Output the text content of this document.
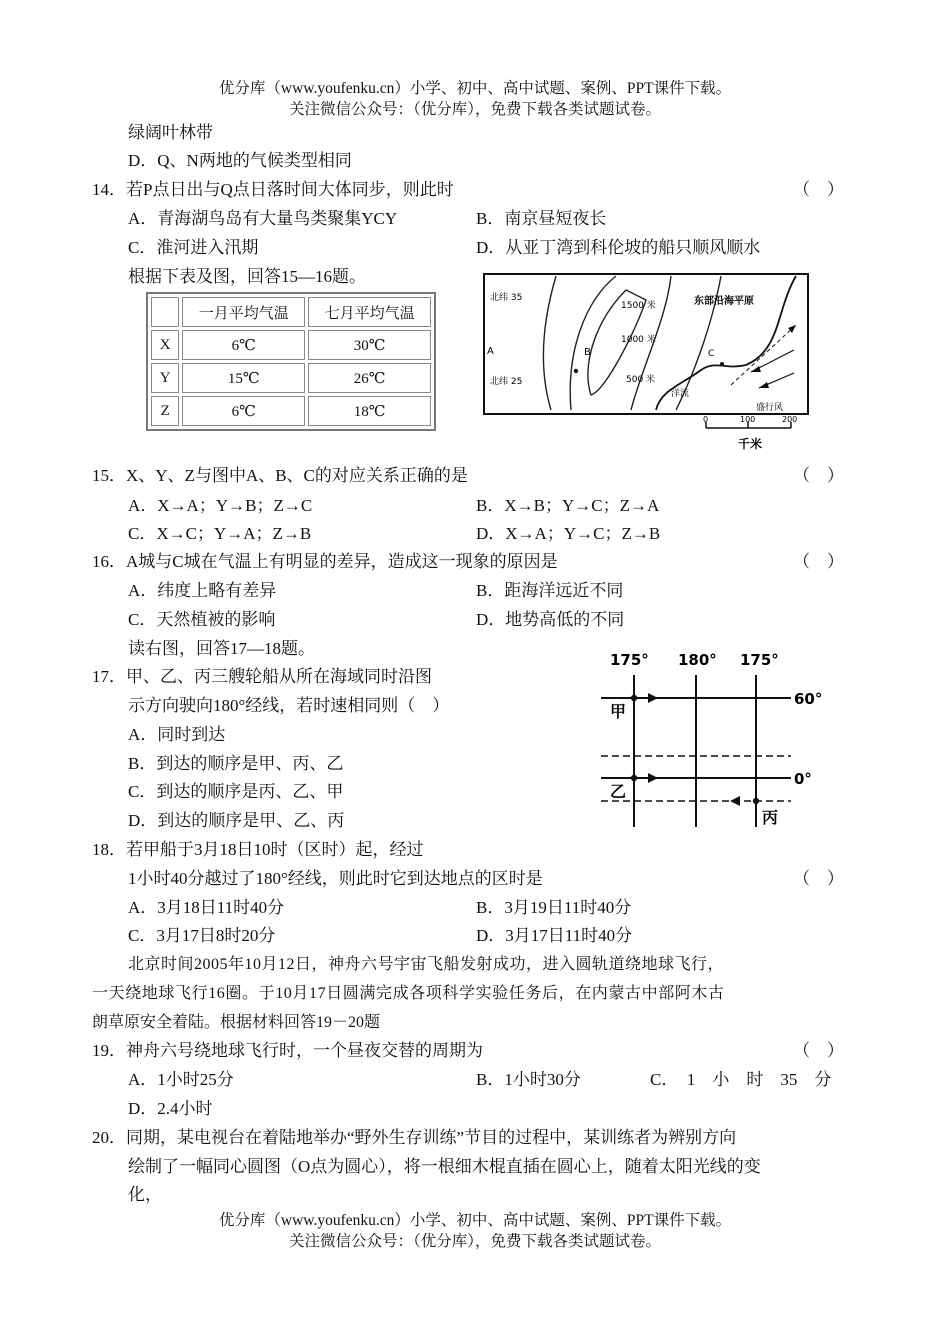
优分库（www.youfenku.cn）小学、初中、高中试题、案例、PPT课件下载。
关注微信公众号：（优分库），免费下载各类试题试卷。
绿阔叶林带
D．Q、N两地的气候类型相同
14．若P点日出与Q点日落时间大体同步，则此时	（　）
A．青海湖鸟岛有大量鸟类聚集YCY	B．南京昼短夜长
C．淮河进入汛期	D．从亚丁湾到科伦坡的船只顺风顺水
根据下表及图，回答15—16题。
	一月平均气温	七月平均气温
X	6℃	30℃
Y	15℃	26℃
Z	6℃	18℃
北纬 35
北纬 25
A	B	C
1500 米
1000 米
500 米
东部沿海平原
洋流
盛行风
0	100	200
千米
15．X、Y、Z与图中A、B、C的对应关系正确的是	（　）
A．X→A；Y→B；Z→C	B．X→B；Y→C；Z→A
C．X→C；Y→A；Z→B	D．X→A；Y→C；Z→B
16．A城与C城在气温上有明显的差异，造成这一现象的原因是	（　）
A．纬度上略有差异	B．距海洋远近不同
C．天然植被的影响	D．地势高低的不同
读右图，回答17—18题。
175° 180° 175°
60°
0°
甲
乙
丙
17．甲、乙、丙三艘轮船从所在海域同时沿图
示方向驶向180°经线，若时速相同则（　）
A．同时到达
B．到达的顺序是甲、丙、乙
C．到达的顺序是丙、乙、甲
D．到达的顺序是甲、乙、丙
18．若甲船于3月18日10时（区时）起，经过
1小时40分越过了180°经线，则此时它到达地点的区时是	（　）
A．3月18日11时40分	B．3月19日11时40分
C．3月17日8时20分	D．3月17日11时40分
北京时间2005年10月12日，神舟六号宇宙飞船发射成功，进入圆轨道绕地球飞行，
一天绕地球飞行16圈。于10月17日圆满完成各项科学实验任务后，在内蒙古中部阿木古
朗草原安全着陆。根据材料回答19－20题
19．神舟六号绕地球飞行时，一个昼夜交替的周期为	（　）
A．1小时25分	B．1小时30分	C．　1　小　时　35　分
D．2.4小时
20．同期，某电视台在着陆地举办“野外生存训练”节目的过程中，某训练者为辨别方向
绘制了一幅同心圆图（O点为圆心），将一根细木棍直插在圆心上，随着太阳光线的变
化，
优分库（www.youfenku.cn）小学、初中、高中试题、案例、PPT课件下载。
关注微信公众号：（优分库），免费下载各类试题试卷。
